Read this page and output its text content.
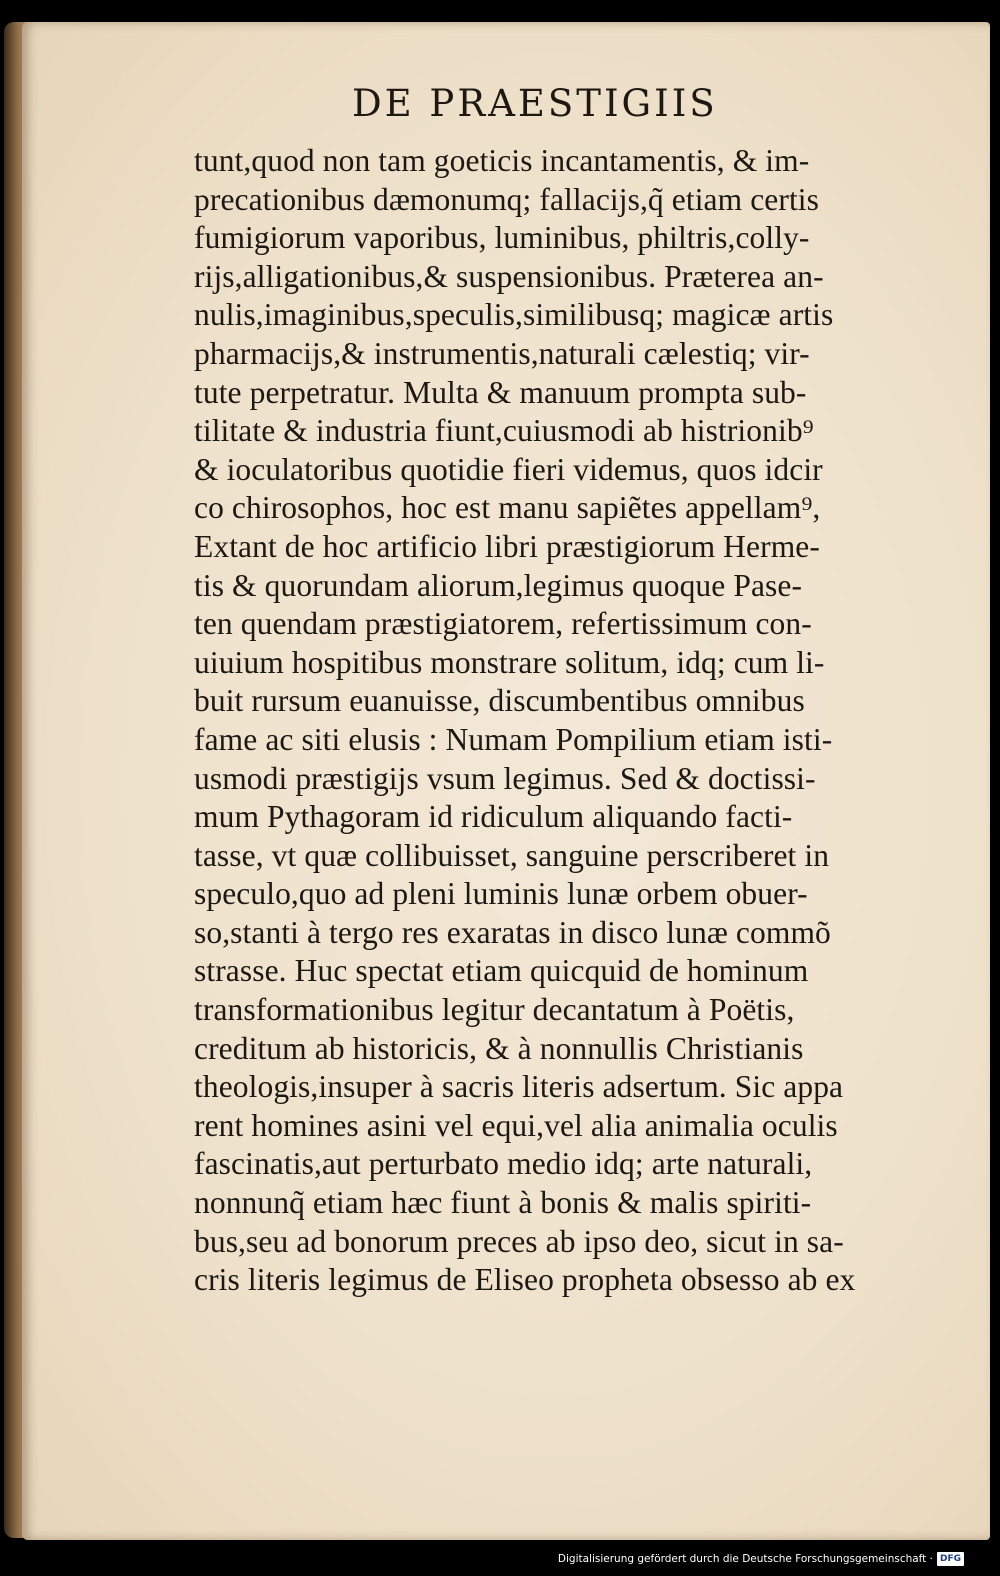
DE PRAESTIGIIS
tunt,quod non tam goeticis incantamentis, & im-
precationibus dæmonumq; fallacijs,q̃ etiam certis
fumigiorum vaporibus, luminibus, philtris,colly-
rijs,alligationibus,& suspensionibus. Præterea an-
nulis,imaginibus,speculis,similibusq; magicæ artis
pharmacijs,& instrumentis,naturali cælestiq; vir-
tute perpetratur. Multa & manuum prompta sub-
tilitate & industria fiunt,cuiusmodi ab histrionib⁹
& ioculatoribus quotidie fieri videmus, quos idcir
co chirosophos, hoc est manu sapiẽtes appellam⁹,
Extant de hoc artificio libri præstigiorum Herme-
tis & quorundam aliorum,legimus quoque Pase-
ten quendam præstigiatorem, refertissimum con-
uiuium hospitibus monstrare solitum, idq; cum li-
buit rursum euanuisse, discumbentibus omnibus
fame ac siti elusis : Numam Pompilium etiam isti-
usmodi præstigijs vsum legimus. Sed & doctissi-
mum Pythagoram id ridiculum aliquando facti-
tasse, vt quæ collibuisset, sanguine perscriberet in
speculo,quo ad pleni luminis lunæ orbem obuer-
so,stanti à tergo res exaratas in disco lunæ commõ
strasse. Huc spectat etiam quicquid de hominum
transformationibus legitur decantatum à Poëtis,
creditum ab historicis, & à nonnullis Christianis
theologis,insuper à sacris literis adsertum. Sic appa
rent homines asini vel equi,vel alia animalia oculis
fascinatis,aut perturbato medio idq; arte naturali,
nonnunq̃ etiam hæc fiunt à bonis & malis spiriti-
bus,seu ad bonorum preces ab ipso deo, sicut in sa-
cris literis legimus de Eliseo propheta obsesso ab ex
Digitalisierung gefördert durch die Deutsche Forschungsgemeinschaft · DFG
